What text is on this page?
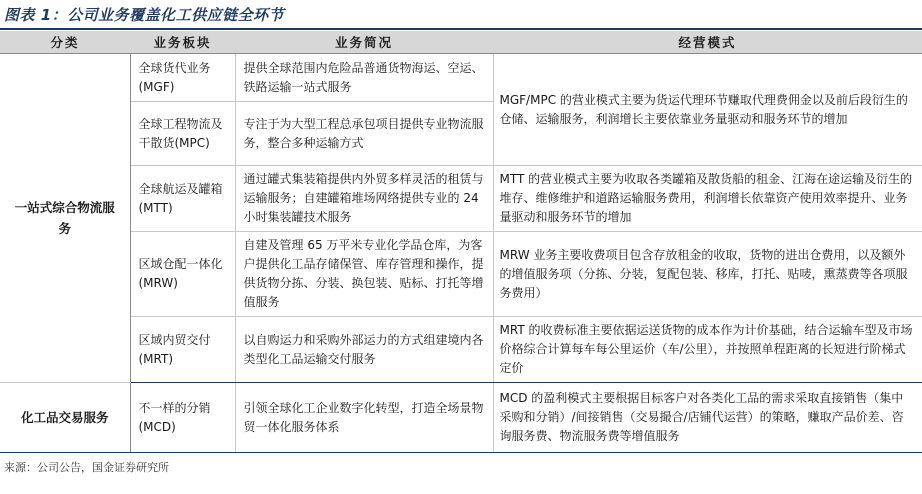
图表 1：公司业务覆盖化工供应链全环节
分类	业务板块	业务简况	经营模式
一站式综合物流服务	全球货代业务(MGF)	提供全球范围内危险品普通货物海运、空运、铁路运输一站式服务	MGF/MPC 的营业模式主要为货运代理环节赚取代理费佣金以及前后段衍生的仓储、运输服务，利润增长主要依靠业务量驱动和服务环节的增加
	全球工程物流及干散货(MPC)	专注于为大型工程总承包项目提供专业物流服务，整合多种运输方式	
	全球航运及罐箱(MTT)	通过罐式集装箱提供内外贸多样灵活的租赁与运输服务；自建罐箱堆场网络提供专业的 24 小时集装罐技术服务	MTT 的营业模式主要为收取各类罐箱及散货船的租金、江海在途运输及衍生的堆存、维修维护和道路运输服务费用，利润增长依靠资产使用效率提升、业务量驱动和服务环节的增加
	区域仓配一体化(MRW)	自建及管理 65 万平米专业化学品仓库，为客户提供化工品存储保管、库存管理和操作，提供货物分拣、分装、换包装、贴标、打托等增值服务	MRW 业务主要收费项目包含存放租金的收取，货物的进出仓费用，以及额外的增值服务项（分拣、分装，复配包装、移库，打托、贴唛，熏蒸费等各项服务费用）
	区域内贸交付(MRT)	以自购运力和采购外部运力的方式组建境内各类型化工品运输交付服务	MRT 的收费标准主要依据运送货物的成本作为计价基础，结合运输车型及市场价格综合计算每车每公里运价（车/公里），并按照单程距离的长短进行阶梯式定价
化工品交易服务	不一样的分销(MCD)	引领全球化工企业数字化转型，打造全场景物贸一体化服务体系	MCD 的盈利模式主要根据目标客户对各类化工品的需求采取直接销售（集中采购和分销）/间接销售（交易撮合/店铺代运营）的策略，赚取产品价差、咨询服务费、物流服务费等增值服务
来源：公司公告，国金证券研究所
